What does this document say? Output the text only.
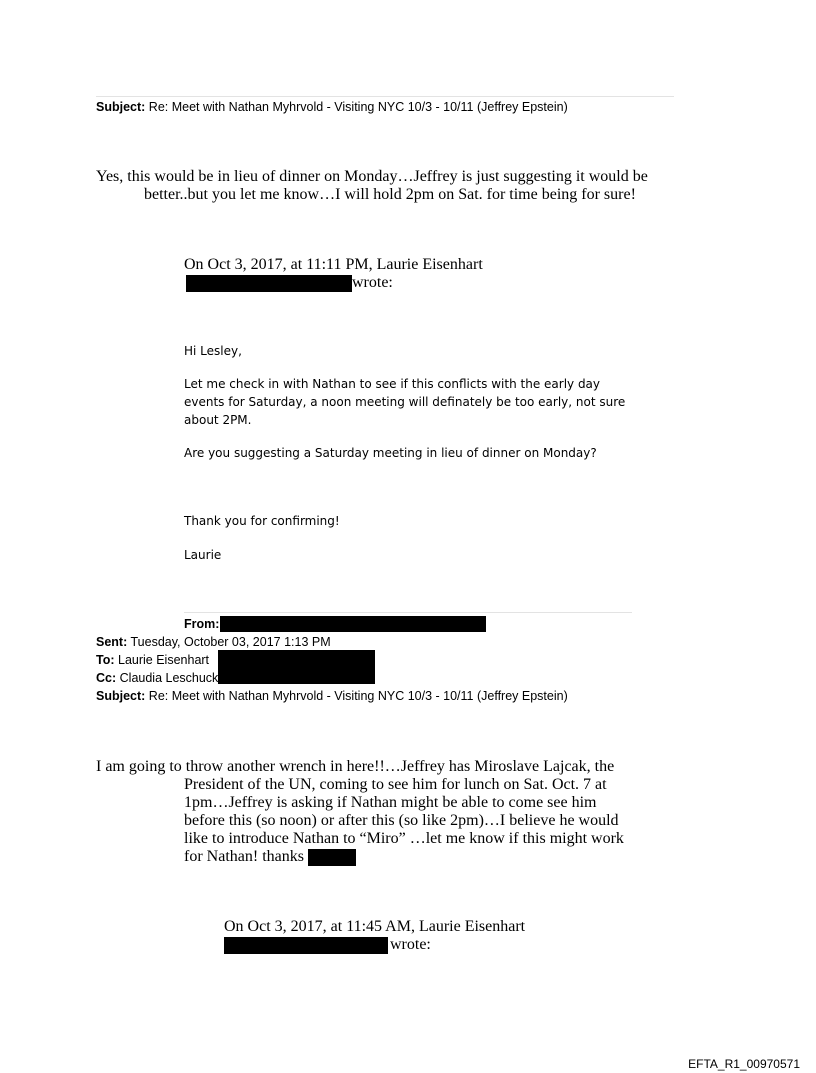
Subject: Re: Meet with Nathan Myhrvold - Visiting NYC 10/3 - 10/11 (Jeffrey Epstein)
Yes, this would be in lieu of dinner on Monday…Jeffrey is just suggesting it would be
better..but you let me know…I will hold 2pm on Sat. for time being for sure!
On Oct 3, 2017, at 11:11 PM, Laurie Eisenhart
wrote:
Hi Lesley,
Let me check in with Nathan to see if this conflicts with the early day
events for Saturday, a noon meeting will definately be too early, not sure
about 2PM.
Are you suggesting a Saturday meeting in lieu of dinner on Monday?
Thank you for confirming!
Laurie
From:
Sent: Tuesday, October 03, 2017 1:13 PM
To: Laurie Eisenhart
Cc: Claudia Leschuck
Subject: Re: Meet with Nathan Myhrvold - Visiting NYC 10/3 - 10/11 (Jeffrey Epstein)
I am going to throw another wrench in here!!…Jeffrey has Miroslave Lajcak, the
President of the UN, coming to see him for lunch on Sat. Oct. 7 at
1pm…Jeffrey is asking if Nathan might be able to come see him
before this (so noon) or after this (so like 2pm)…I believe he would
like to introduce Nathan to “Miro” …let me know if this might work
for Nathan! thanks
On Oct 3, 2017, at 11:45 AM, Laurie Eisenhart
wrote:
EFTA_R1_00970571
